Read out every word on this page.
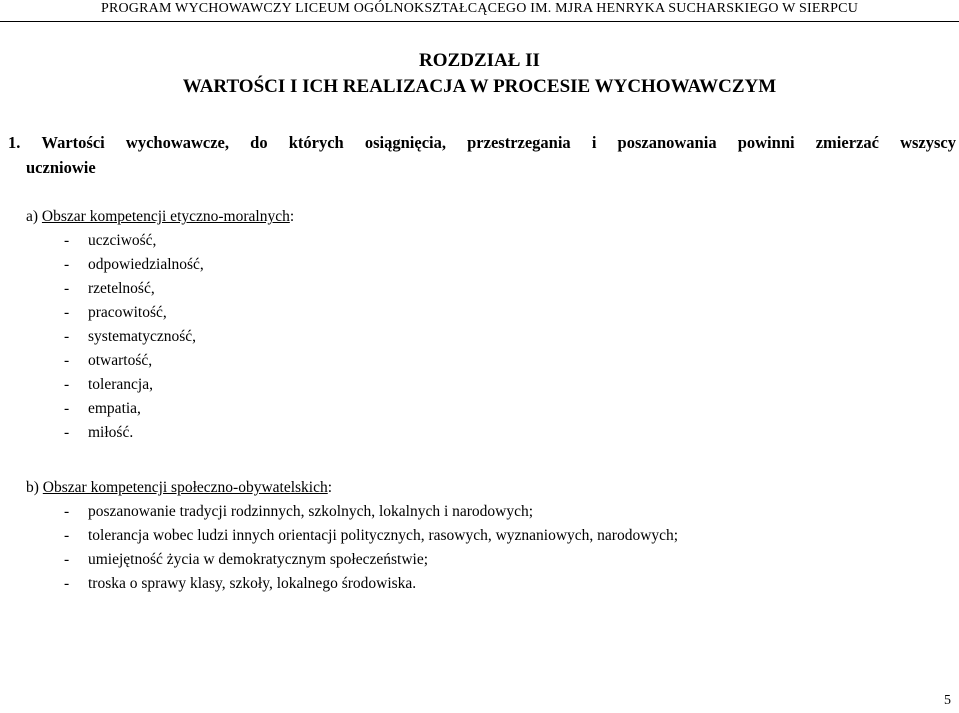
PROGRAM WYCHOWAWCZY LICEUM OGÓLNOKSZTAŁCĄCEGO IM. MJRA HENRYKA SUCHARSKIEGO W SIERPCU
ROZDZIAŁ II
WARTOŚCI I ICH REALIZACJA W PROCESIE WYCHOWAWCZYM
1. Wartości wychowawcze, do których osiągnięcia, przestrzegania i poszanowania powinni zmierzać wszyscy
uczniowie
a) Obszar kompetencji etyczno-moralnych:
-	uczciwość,
-	odpowiedzialność,
-	rzetelność,
-	pracowitość,
-	systematyczność,
-	otwartość,
-	tolerancja,
-	empatia,
-	miłość.
b) Obszar kompetencji społeczno-obywatelskich:
-	poszanowanie tradycji rodzinnych, szkolnych, lokalnych i narodowych;
-	tolerancja wobec ludzi innych orientacji politycznych, rasowych, wyznaniowych, narodowych;
-	umiejętność życia w demokratycznym społeczeństwie;
-	troska o sprawy klasy, szkoły, lokalnego środowiska.
5
